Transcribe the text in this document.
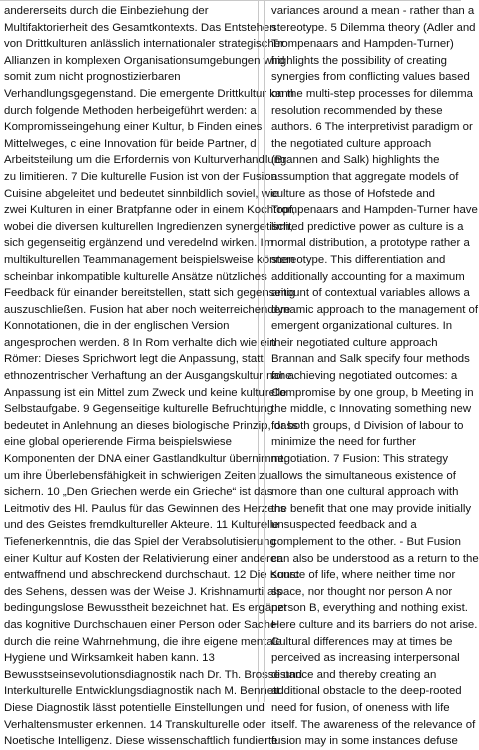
andererseits durch die Einbeziehung der
Multifaktorierheit des Gesamtkontexts. Das Entstehen
von Drittkulturen anlässlich internationaler strategischer
Allianzen in komplexen Organisationsumgebungen wird
somit zum nicht prognostizierbaren
Verhandlungsgegenstand. Die emergente Drittkultur kann
durch folgende Methoden herbeigeführt werden: a
Kompromisseingehung einer Kultur, b Finden eines
Mittelweges, c eine Innovation für beide Partner, d
Arbeitsteilung um die Erfordernis von Kulturverhandlung
zu limitieren. 7 Die kulturelle Fusion ist von der Fusion
Cuisine abgeleitet und bedeutet sinnbildlich soviel, wie
zwei Kulturen in einer Bratpfanne oder in einem Kochtopf,
wobei die diversen kulturellen Ingredienzen synergetisch,
sich gegenseitig ergänzend und veredelnd wirken. Im
multikulturellen Teammanagement beispielsweise können
scheinbar inkompatible kulturelle Ansätze nützliches
Feedback für einander bereitstellen, statt sich gegenseitig
auszuschließen. Fusion hat aber noch weiterreichendere
Konnotationen, die in der englischen Version
angesprochen werden. 8 In Rom verhalte dich wie ein
Römer: Dieses Sprichwort legt die Anpassung, statt
ethnozentrischer Verhaftung an der Ausgangskultur nahe.
Anpassung ist ein Mittel zum Zweck und keine kulturelle
Selbstaufgabe. 9 Gegenseitige kulturelle Befruchtung
bedeutet in Anlehnung an dieses biologische Prinzip, dass
eine global operierende Firma beispielswiese
Komponenten der DNA einer Gastlandkultur übernimmt,
um ihre Überlebensfähigkeit in schwierigen Zeiten zu
sichern. 10 „Den Griechen werde ein Grieche“ ist das
Leitmotiv des Hl. Paulus für das Gewinnen des Herzens
und des Geistes fremdkultureller Akteure. 11 Kulturelle
Tiefenerkenntnis, die das Spiel der Verabsolutisierung
einer Kultur auf Kosten der Relativierung einer anderen
entwaffnend und abschreckend durchschaut. 12 Die Kunst
des Sehens, dessen was der Weise J. Krishnamurti als
bedingungslose Bewusstheit bezeichnet hat. Es ergänzt
das kognitive Durchschauen einer Person oder Sache
durch die reine Wahrnehmung, die ihre eigene mentale
Hygiene und Wirksamkeit haben kann. 13
Bewusstseinsevolutionsdiagnostik nach Dr. Th. Brosse und
Interkulturelle Entwicklungsdiagnostik nach M. Bennett.
Diese Diagnostik lässt potentielle Einstellungen und
Verhaltensmuster erkennen. 14 Transkulturelle oder
Noetische Intelligenz. Diese wissenschaftlich fundierte
variances around a mean - rather than a
stereotype. 5 Dilemma theory (Adler and
Trompenaars and Hampden-Turner)
highlights the possibility of creating
synergies from conflicting values based
on the multi-step processes for dilemma
resolution recommended by these
authors. 6 The interpretivist paradigm or
the negotiated culture approach
(Brannen and Salk) highlights the
assumption that aggregate models of
culture as those of Hofstede and
Trompenaars and Hampden-Turner have
limited predictive power as culture is a
normal distribution, a prototype rather a
stereotype. This differentiation and
additionally accounting for a maximum
amount of contextual variables allows a
dynamic approach to the management of
emergent organizational cultures. In
their negotiated culture approach
Brannan and Salk specify four methods
for achieving negotiated outcomes: a
Compromise by one group, b Meeting in
the middle, c Innovating something new
for both groups, d Division of labour to
minimize the need for further
negotiation. 7 Fusion: This strategy
allows the simultaneous existence of
more than one cultural approach with
the benefit that one may provide initially
unsuspected feedback and a
complement to the other. - But Fusion
can also be understood as a return to the
source of life, where neither time nor
space, nor thought nor person A nor
person B, everything and nothing exist.
Here culture and its barriers do not arise.
Cultural differences may at times be
perceived as increasing interpersonal
distance and thereby creating an
additional obstacle to the deep-rooted
need for fusion, of oneness with life
itself. The awareness of the relevance of
fusion may in some instances defuse
